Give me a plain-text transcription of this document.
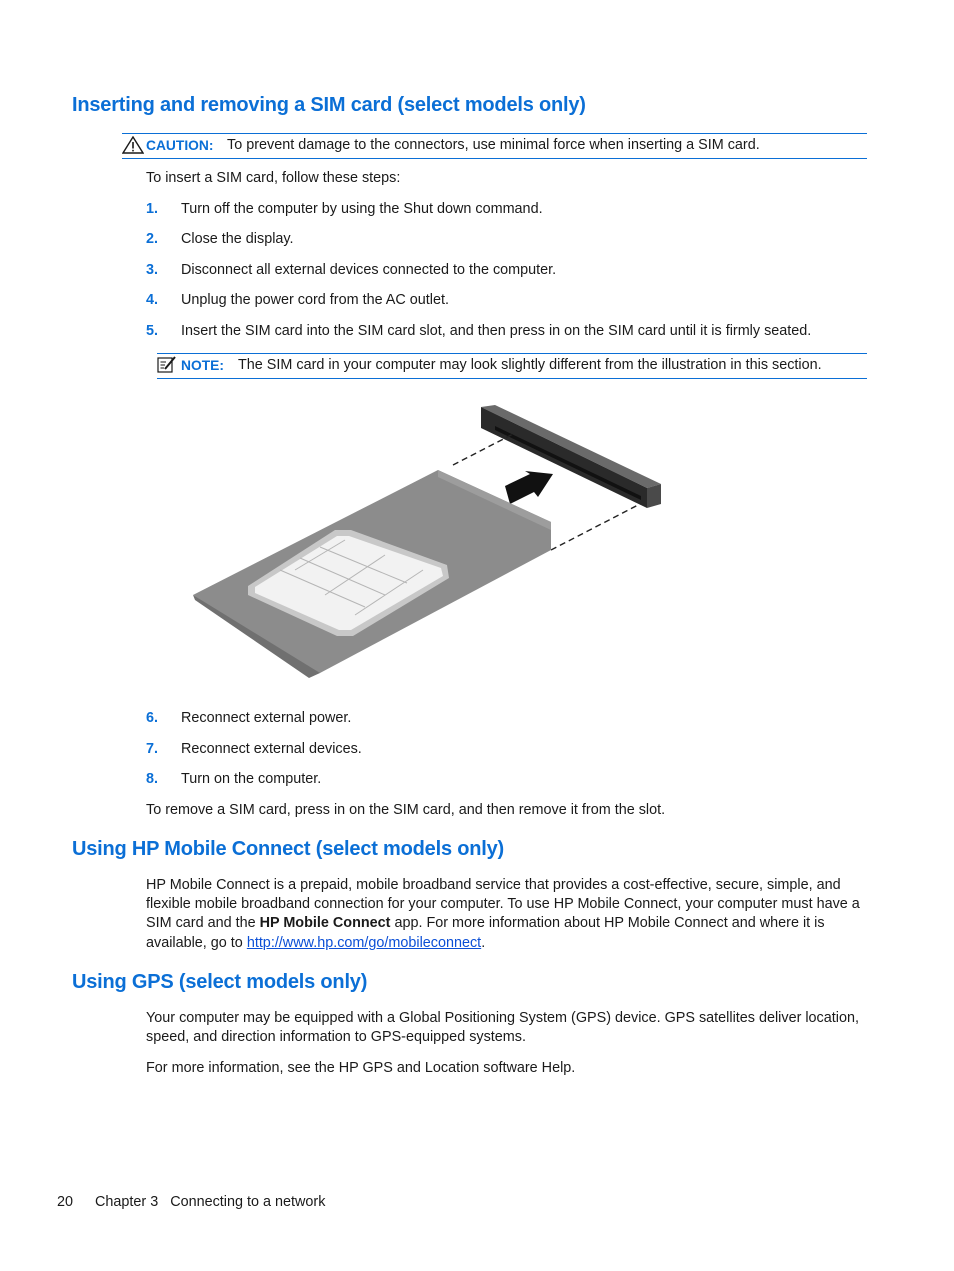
Inserting and removing a SIM card (select models only)
CAUTION: To prevent damage to the connectors, use minimal force when inserting a SIM card.
To insert a SIM card, follow these steps:
1. Turn off the computer by using the Shut down command.
2. Close the display.
3. Disconnect all external devices connected to the computer.
4. Unplug the power cord from the AC outlet.
5. Insert the SIM card into the SIM card slot, and then press in on the SIM card until it is firmly seated.
NOTE: The SIM card in your computer may look slightly different from the illustration in this section.
6. Reconnect external power.
7. Reconnect external devices.
8. Turn on the computer.
To remove a SIM card, press in on the SIM card, and then remove it from the slot.
Using HP Mobile Connect (select models only)

HP Mobile Connect is a prepaid, mobile broadband service that provides a cost-effective, secure, simple, and flexible mobile broadband connection for your computer. To use HP Mobile Connect, your computer must have a SIM card and the HP Mobile Connect app. For more information about HP Mobile Connect and where it is available, go to http://www.hp.com/go/mobileconnect.

Using GPS (select models only)

Your computer may be equipped with a Global Positioning System (GPS) device. GPS satellites deliver location, speed, and direction information to GPS-equipped systems.

For more information, see the HP GPS and Location software Help.
20 Chapter 3   Connecting to a network
